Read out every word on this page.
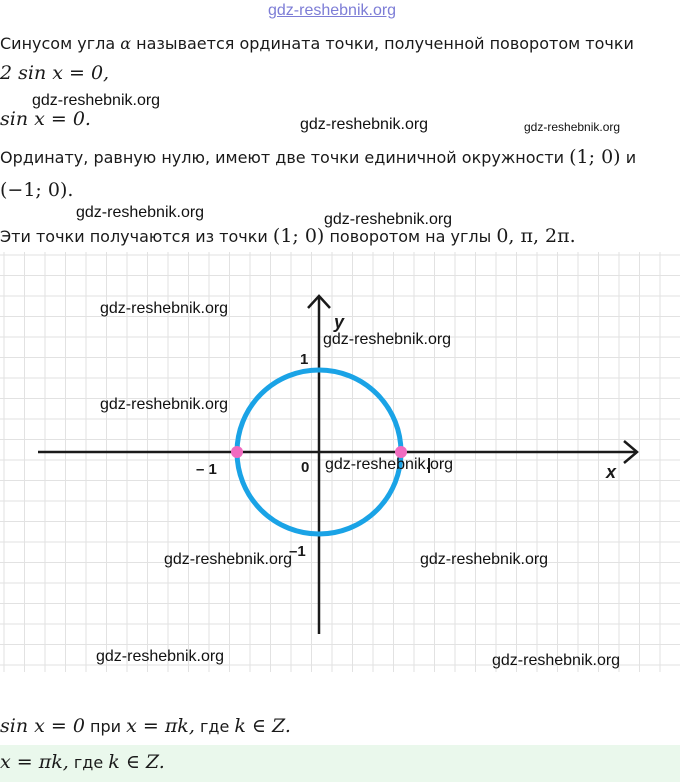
gdz-reshebnik.org
Синусом угла α называется ордината точки, полученной поворотом точки
2 sin x = 0,
gdz-reshebnik.org
sin x = 0.	gdz-reshebnik.org	gdz-reshebnik.org
Ординату, равную нулю, имеют две точки единичной окружности (1; 0) и
(−1; 0).
gdz-reshebnik.org	gdz-reshebnik.org
Эти точки получаются из точки (1; 0) поворотом на углы 0, π, 2π.
y
x
1
– 1	0
–1
gdz-reshebnik.org
gdz-reshebnik.org
gdz-reshebnik.org
gdz-reshebnik.org
gdz-reshebnik.org	gdz-reshebnik.org
gdz-reshebnik.org	gdz-reshebnik.org
sin x = 0 при x = πk, где k ∈ Z.
x = πk, где k ∈ Z.
